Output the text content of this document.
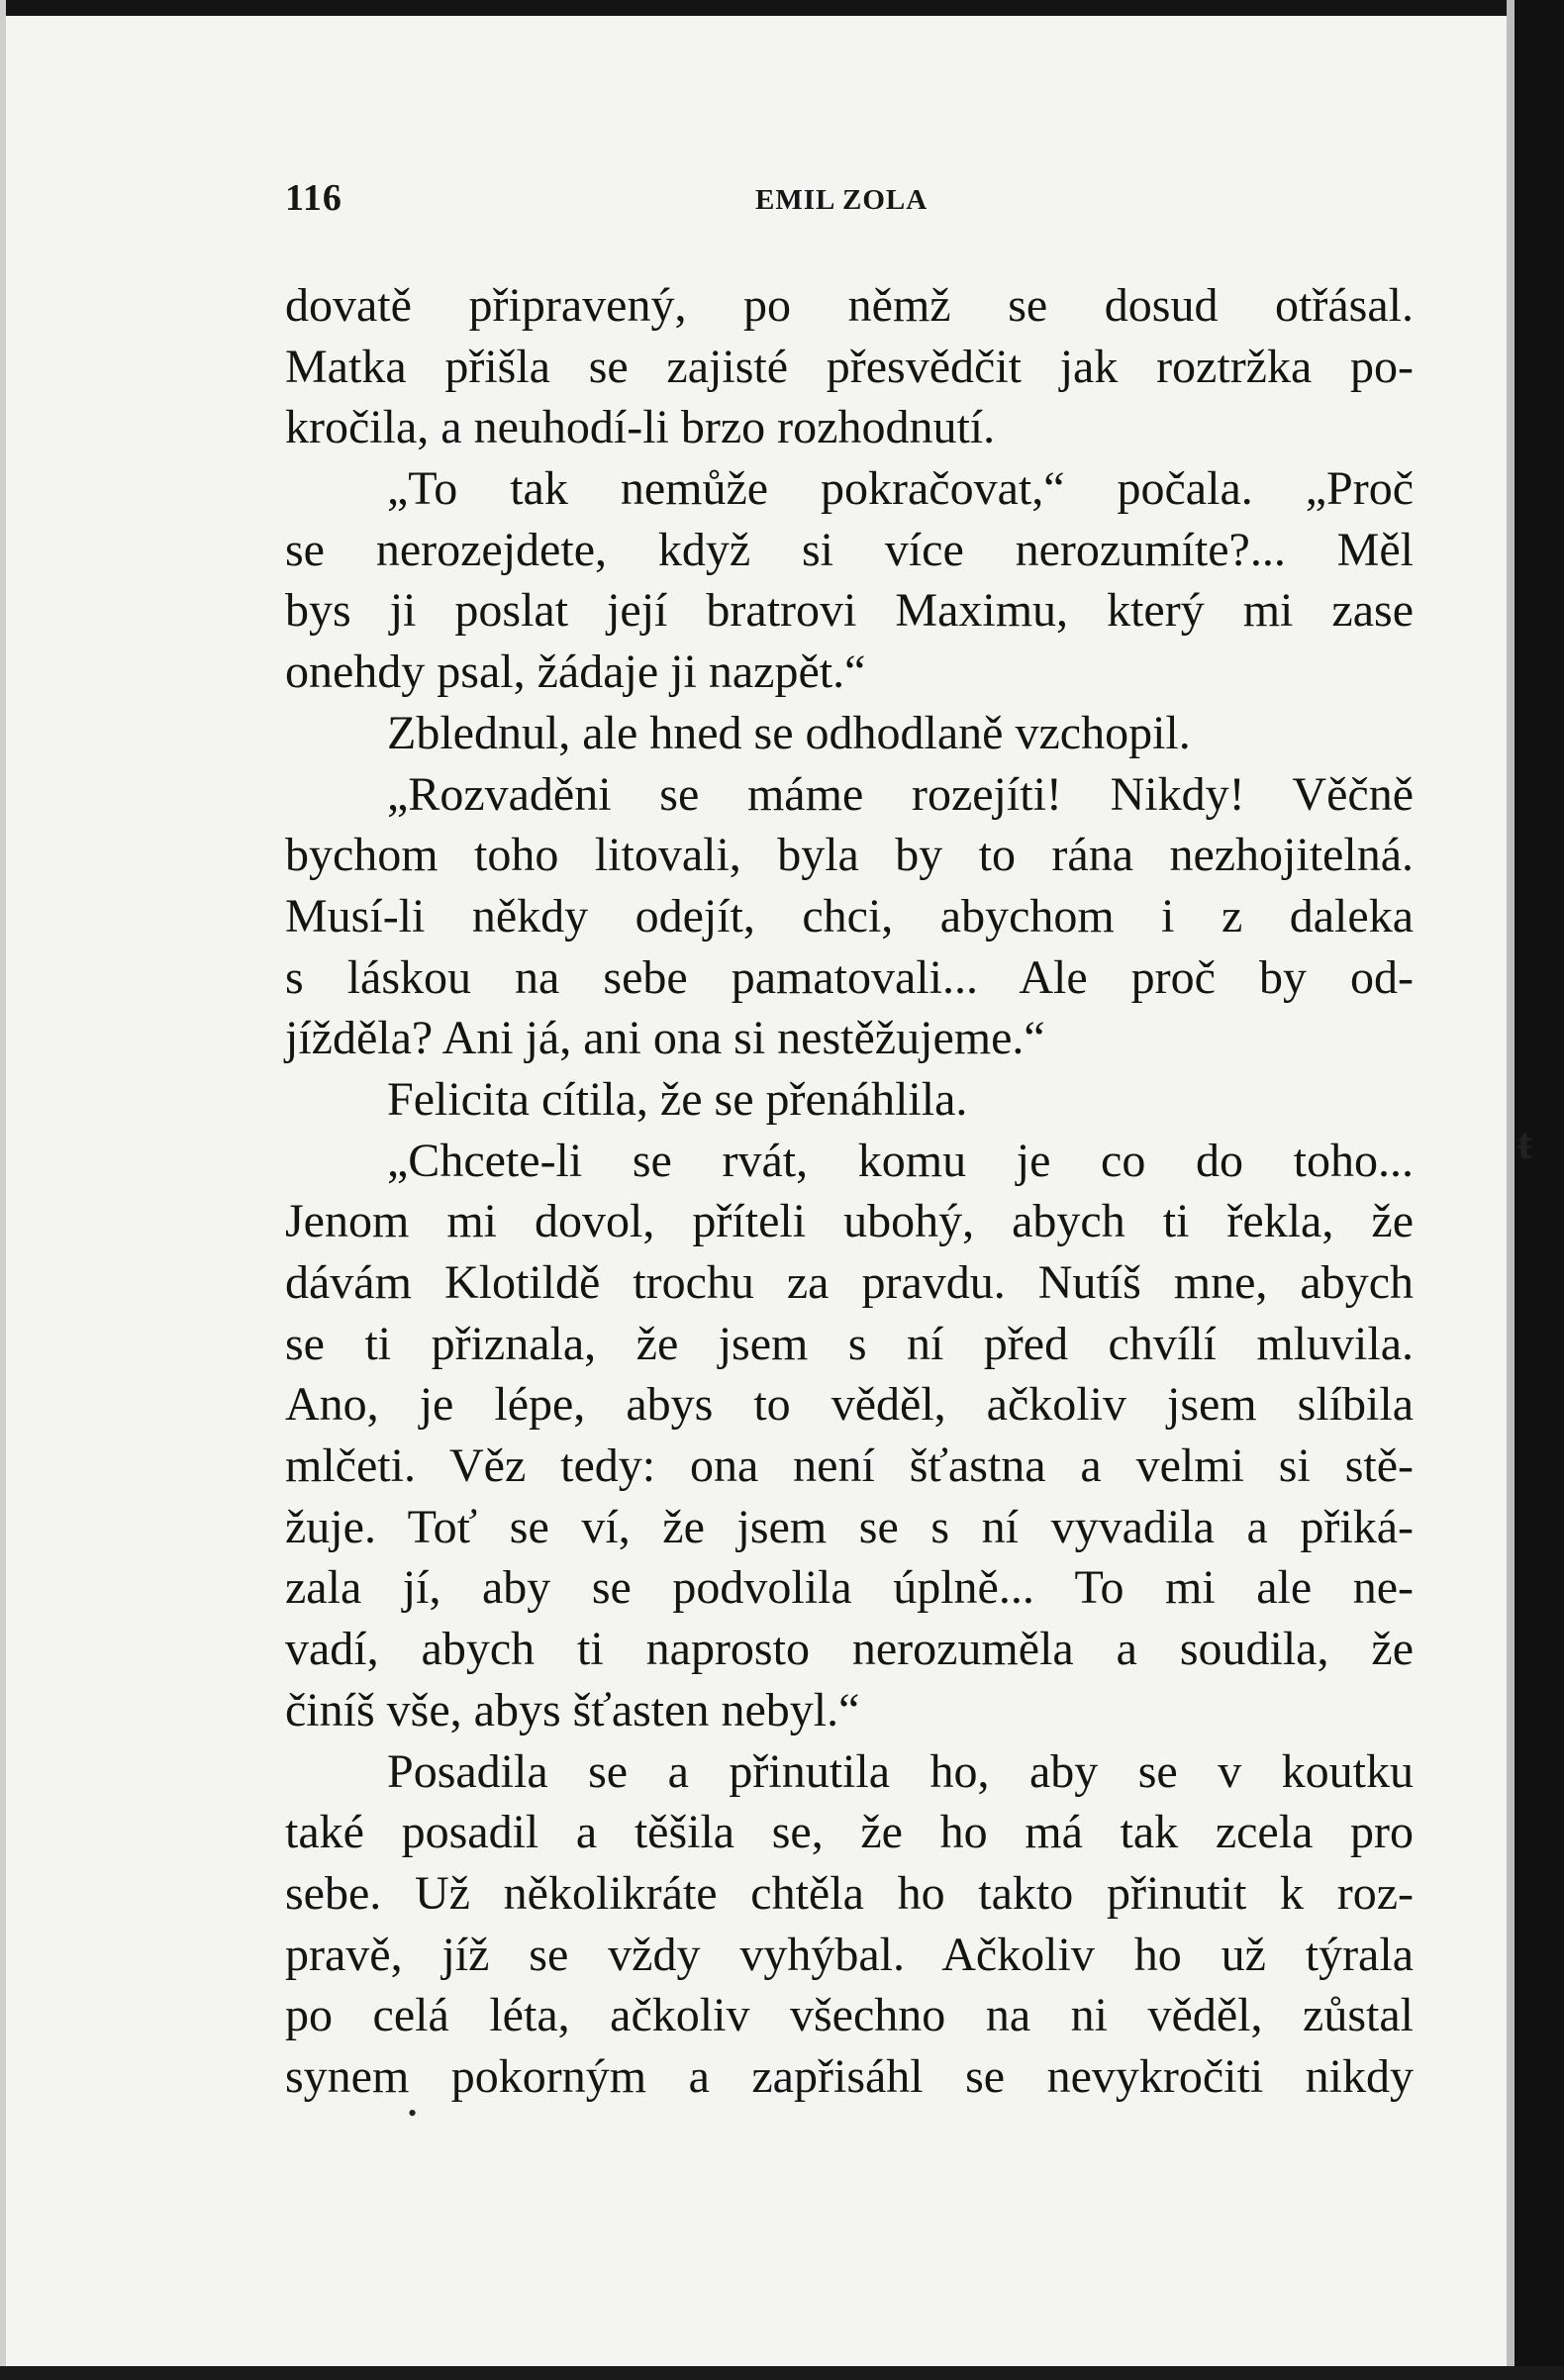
116	EMIL ZOLA
dovatě připravený, po němž se dosud otřásal.
Matka přišla se zajisté přesvědčit jak roztržka po-
kročila, a neuhodí-li brzo rozhodnutí.
„To tak nemůže pokračovat,“ počala. „Proč
se nerozejdete, když si více nerozumíte?... Měl
bys ji poslat její bratrovi Maximu, který mi zase
onehdy psal, žádaje ji nazpět.“
Zblednul, ale hned se odhodlaně vzchopil.
„Rozvaděni se máme rozejíti! Nikdy! Věčně
bychom toho litovali, byla by to rána nezhojitelná.
Musí-li někdy odejít, chci, abychom i z daleka
s láskou na sebe pamatovali... Ale proč by od-
jížděla? Ani já, ani ona si nestěžujeme.“
Felicita cítila, že se přenáhlila.
„Chcete-li se rvát, komu je co do toho...
Jenom mi dovol, příteli ubohý, abych ti řekla, že
dávám Klotildě trochu za pravdu. Nutíš mne, abych
se ti přiznala, že jsem s ní před chvílí mluvila.
Ano, je lépe, abys to věděl, ačkoliv jsem slíbila
mlčeti. Věz tedy: ona není šťastna a velmi si stě-
žuje. Toť se ví, že jsem se s ní vyvadila a přiká-
zala jí, aby se podvolila úplně... To mi ale ne-
vadí, abych ti naprosto nerozuměla a soudila, že
činíš vše, abys šťasten nebyl.“
Posadila se a přinutila ho, aby se v koutku
také posadil a těšila se, že ho má tak zcela pro
sebe. Už několikráte chtěla ho takto přinutit k roz-
pravě, jíž se vždy vyhýbal. Ačkoliv ho už týrala
po celá léta, ačkoliv všechno na ni věděl, zůstal
synem pokorným a zapřisáhl se nevykročiti nikdy
ŧ
•
